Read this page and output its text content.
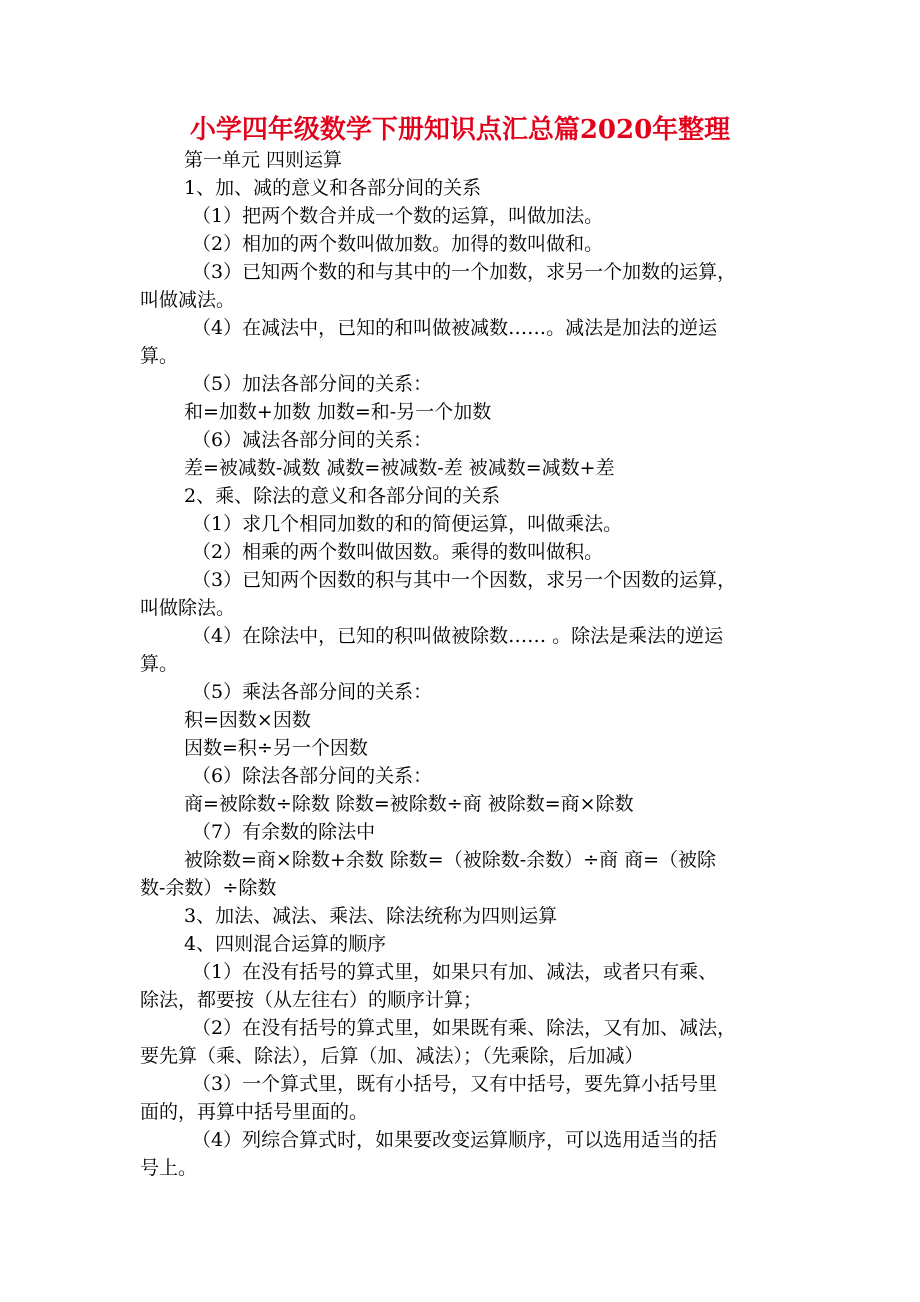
小学四年级数学下册知识点汇总篇2020年整理

第一单元 四则运算

1、加、减的意义和各部分间的关系

（1）把两个数合并成一个数的运算，叫做加法。

（2）相加的两个数叫做加数。加得的数叫做和。

（3）已知两个数的和与其中的一个加数，求另一个加数的运算，

叫做减法。

（4）在减法中，已知的和叫做被减数……。减法是加法的逆运

算。

（5）加法各部分间的关系：

和=加数+加数 加数=和-另一个加数

（6）减法各部分间的关系：

差=被减数-减数 减数=被减数-差 被减数=减数+差

2、乘、除法的意义和各部分间的关系

（1）求几个相同加数的和的简便运算，叫做乘法。

（2）相乘的两个数叫做因数。乘得的数叫做积。

（3）已知两个因数的积与其中一个因数，求另一个因数的运算，

叫做除法。

（4）在除法中，已知的积叫做被除数…… 。除法是乘法的逆运

算。

（5）乘法各部分间的关系：

积=因数×因数

因数=积÷另一个因数

（6）除法各部分间的关系：

商=被除数÷除数 除数=被除数÷商 被除数=商×除数

（7）有余数的除法中

被除数=商×除数+余数 除数=（被除数-余数）÷商 商=（被除

数-余数）÷除数

3、加法、减法、乘法、除法统称为四则运算

4、四则混合运算的顺序

（1）在没有括号的算式里，如果只有加、减法，或者只有乘、

除法，都要按（从左往右）的顺序计算；

（2）在没有括号的算式里，如果既有乘、除法，又有加、减法，

要先算（乘、除法），后算（加、减法）；（先乘除，后加减）

（3）一个算式里，既有小括号，又有中括号，要先算小括号里

面的，再算中括号里面的。

（4）列综合算式时，如果要改变运算顺序，可以选用适当的括

号上。
